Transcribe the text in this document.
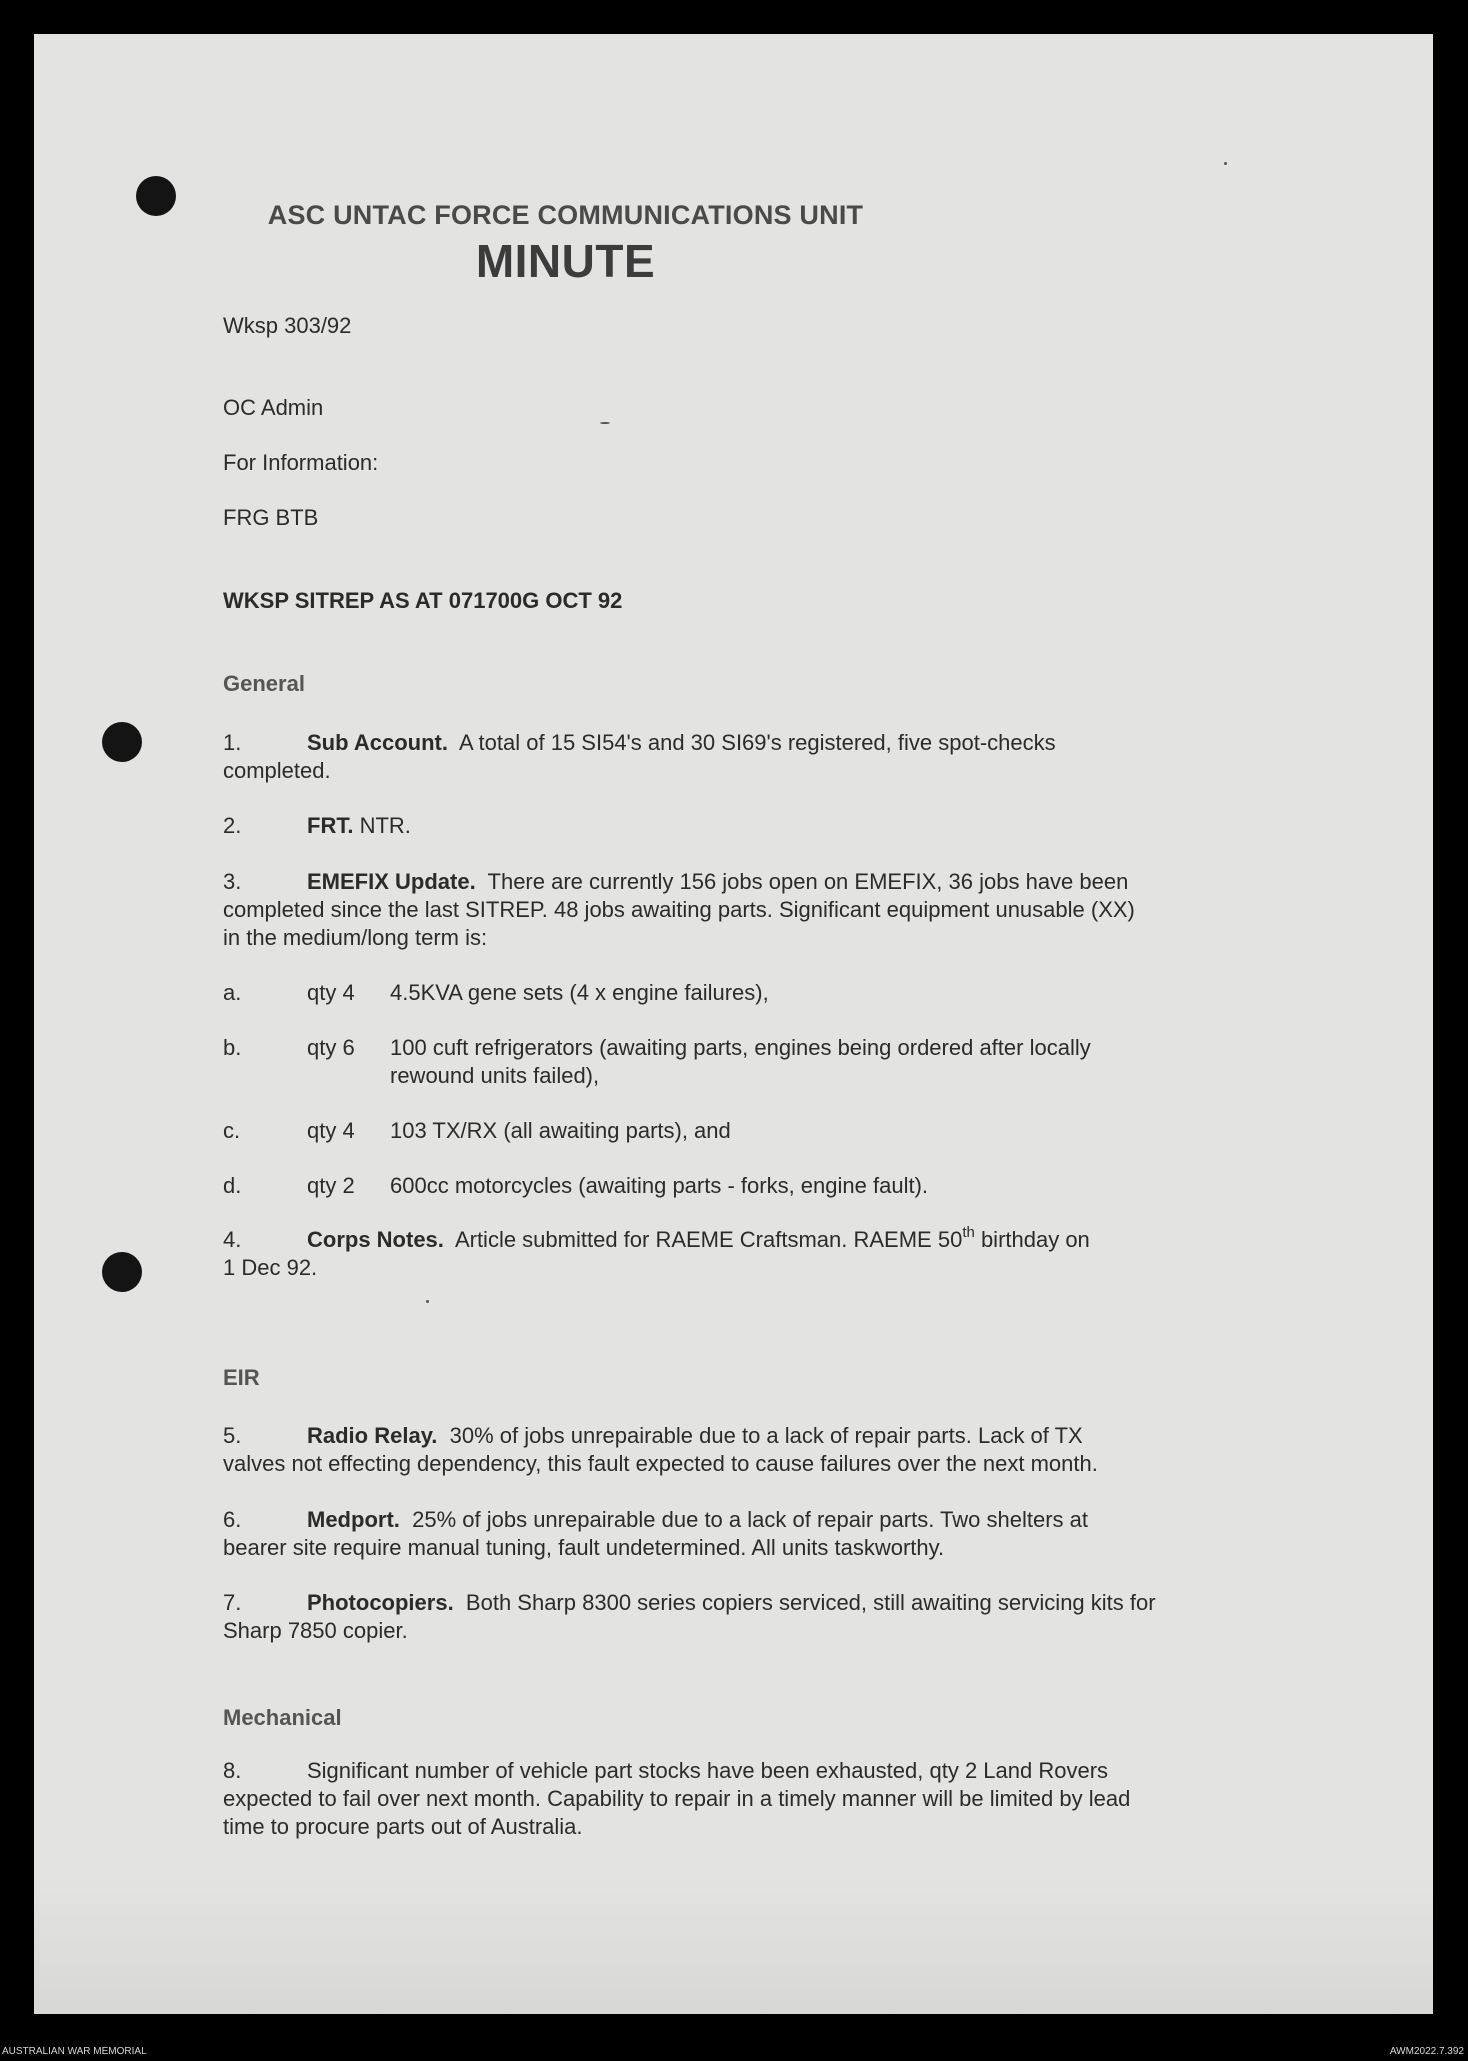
ASC UNTAC FORCE COMMUNICATIONS UNIT
MINUTE
Wksp 303/92
OC Admin
For Information:
FRG BTB
WKSP SITREP AS AT 071700G OCT 92
General
1.	Sub Account. A total of 15 SI54's and 30 SI69's registered, five spot-checks
completed.
2.	FRT. NTR.
3.	EMEFIX Update. There are currently 156 jobs open on EMEFIX, 36 jobs have been
completed since the last SITREP. 48 jobs awaiting parts. Significant equipment unusable (XX)
in the medium/long term is:
a.	qty 4 4.5KVA gene sets (4 x engine failures),
b.	qty 6 100 cuft refrigerators (awaiting parts, engines being ordered after locally
rewound units failed),
c.	qty 4 103 TX/RX (all awaiting parts), and
d.	qty 2 600cc motorcycles (awaiting parts - forks, engine fault).
4.	Corps Notes. Article submitted for RAEME Craftsman. RAEME 50th birthday on
1 Dec 92.
EIR
5.	Radio Relay. 30% of jobs unrepairable due to a lack of repair parts. Lack of TX
valves not effecting dependency, this fault expected to cause failures over the next month.
6.	Medport. 25% of jobs unrepairable due to a lack of repair parts. Two shelters at
bearer site require manual tuning, fault undetermined. All units taskworthy.
7.	Photocopiers. Both Sharp 8300 series copiers serviced, still awaiting servicing kits for
Sharp 7850 copier.
Mechanical
8.	Significant number of vehicle part stocks have been exhausted, qty 2 Land Rovers
expected to fail over next month. Capability to repair in a timely manner will be limited by lead
time to procure parts out of Australia.
AUSTRALIAN WAR MEMORIAL	AWM2022.7.392
